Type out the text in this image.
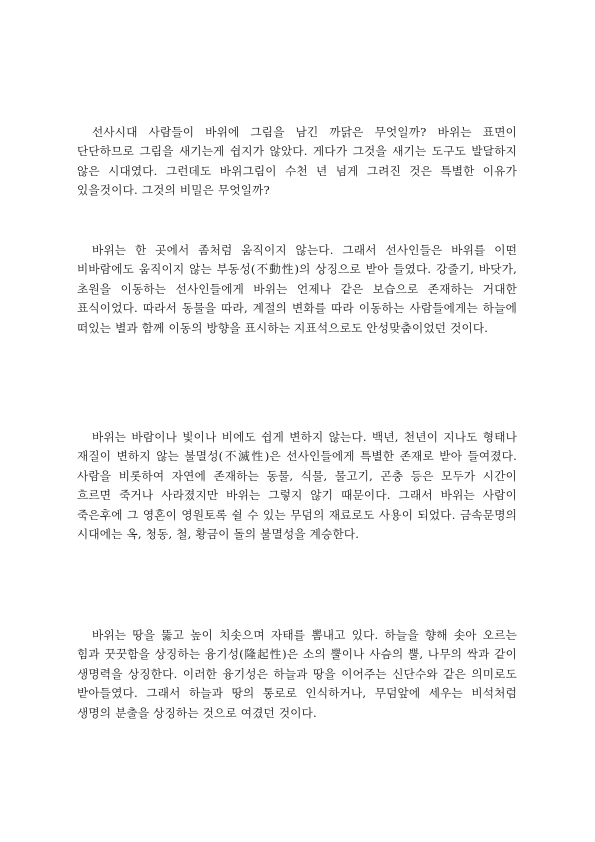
선사시대 사람들이 바위에 그림을 남긴 까닭은 무엇일까? 바위는 표면이 단단하므로 그림을 새기는게 쉽지가 않았다. 게다가 그것을 새기는 도구도 발달하지 않은 시대였다. 그런데도 바위그림이 수천 년 넘게 그려진 것은 특별한 이유가 있을것이다. 그것의 비밀은 무엇일까?

바위는 한 곳에서 좀처럼 움직이지 않는다. 그래서 선사인들은 바위를 이떤 비바람에도 움직이지 않는 부동성(不動性)의 상징으로 받아 들였다. 강줄기, 바닷가, 초원을 이동하는 선사인들에게 바위는 언제나 같은 보습으로 존재하는 거대한 표식이었다. 따라서 동물을 따라, 계절의 변화를 따라 이동하는 사람들에게는 하늘에 떠있는 별과 함께 이동의 방향을 표시하는 지표석으로도 안성맞춤이었던 것이다.

바위는 바람이나 빛이나 비에도 쉽게 변하지 않는다. 백년, 천년이 지나도 형태나 재질이 변하지 않는 불멸성(不滅性)은 선사인들에게 특별한 존재로 받아 들여졌다. 사람을 비롯하여 자연에 존재하는 동물, 식물, 물고기, 곤충 등은 모두가 시간이 흐르면 죽거나 사라졌지만 바위는 그렇지 않기 때문이다. 그래서 바위는 사람이 죽은후에 그 영혼이 영원토록 쉴 수 있는 무덤의 재료로도 사용이 되었다. 금속문명의 시대에는 옥, 청동, 철, 황금이 돌의 불멸성을 계승한다.

바위는 땅을 뚫고 높이 치솟으며 자태를 뽐내고 있다. 하늘을 향해 솟아 오르는 힘과 꿋꿋함을 상징하는 융기성(隆起性)은 소의 뿔이나 사슴의 뿔, 나무의 싹과 같이 생명력을 상징한다. 이러한 융기성은 하늘과 땅을 이어주는 신단수와 같은 의미로도 받아들였다. 그래서 하늘과 땅의 통로로 인식하거나, 무덤앞에 세우는 비석처럼 생명의 분출을 상징하는 것으로 여겼던 것이다.
